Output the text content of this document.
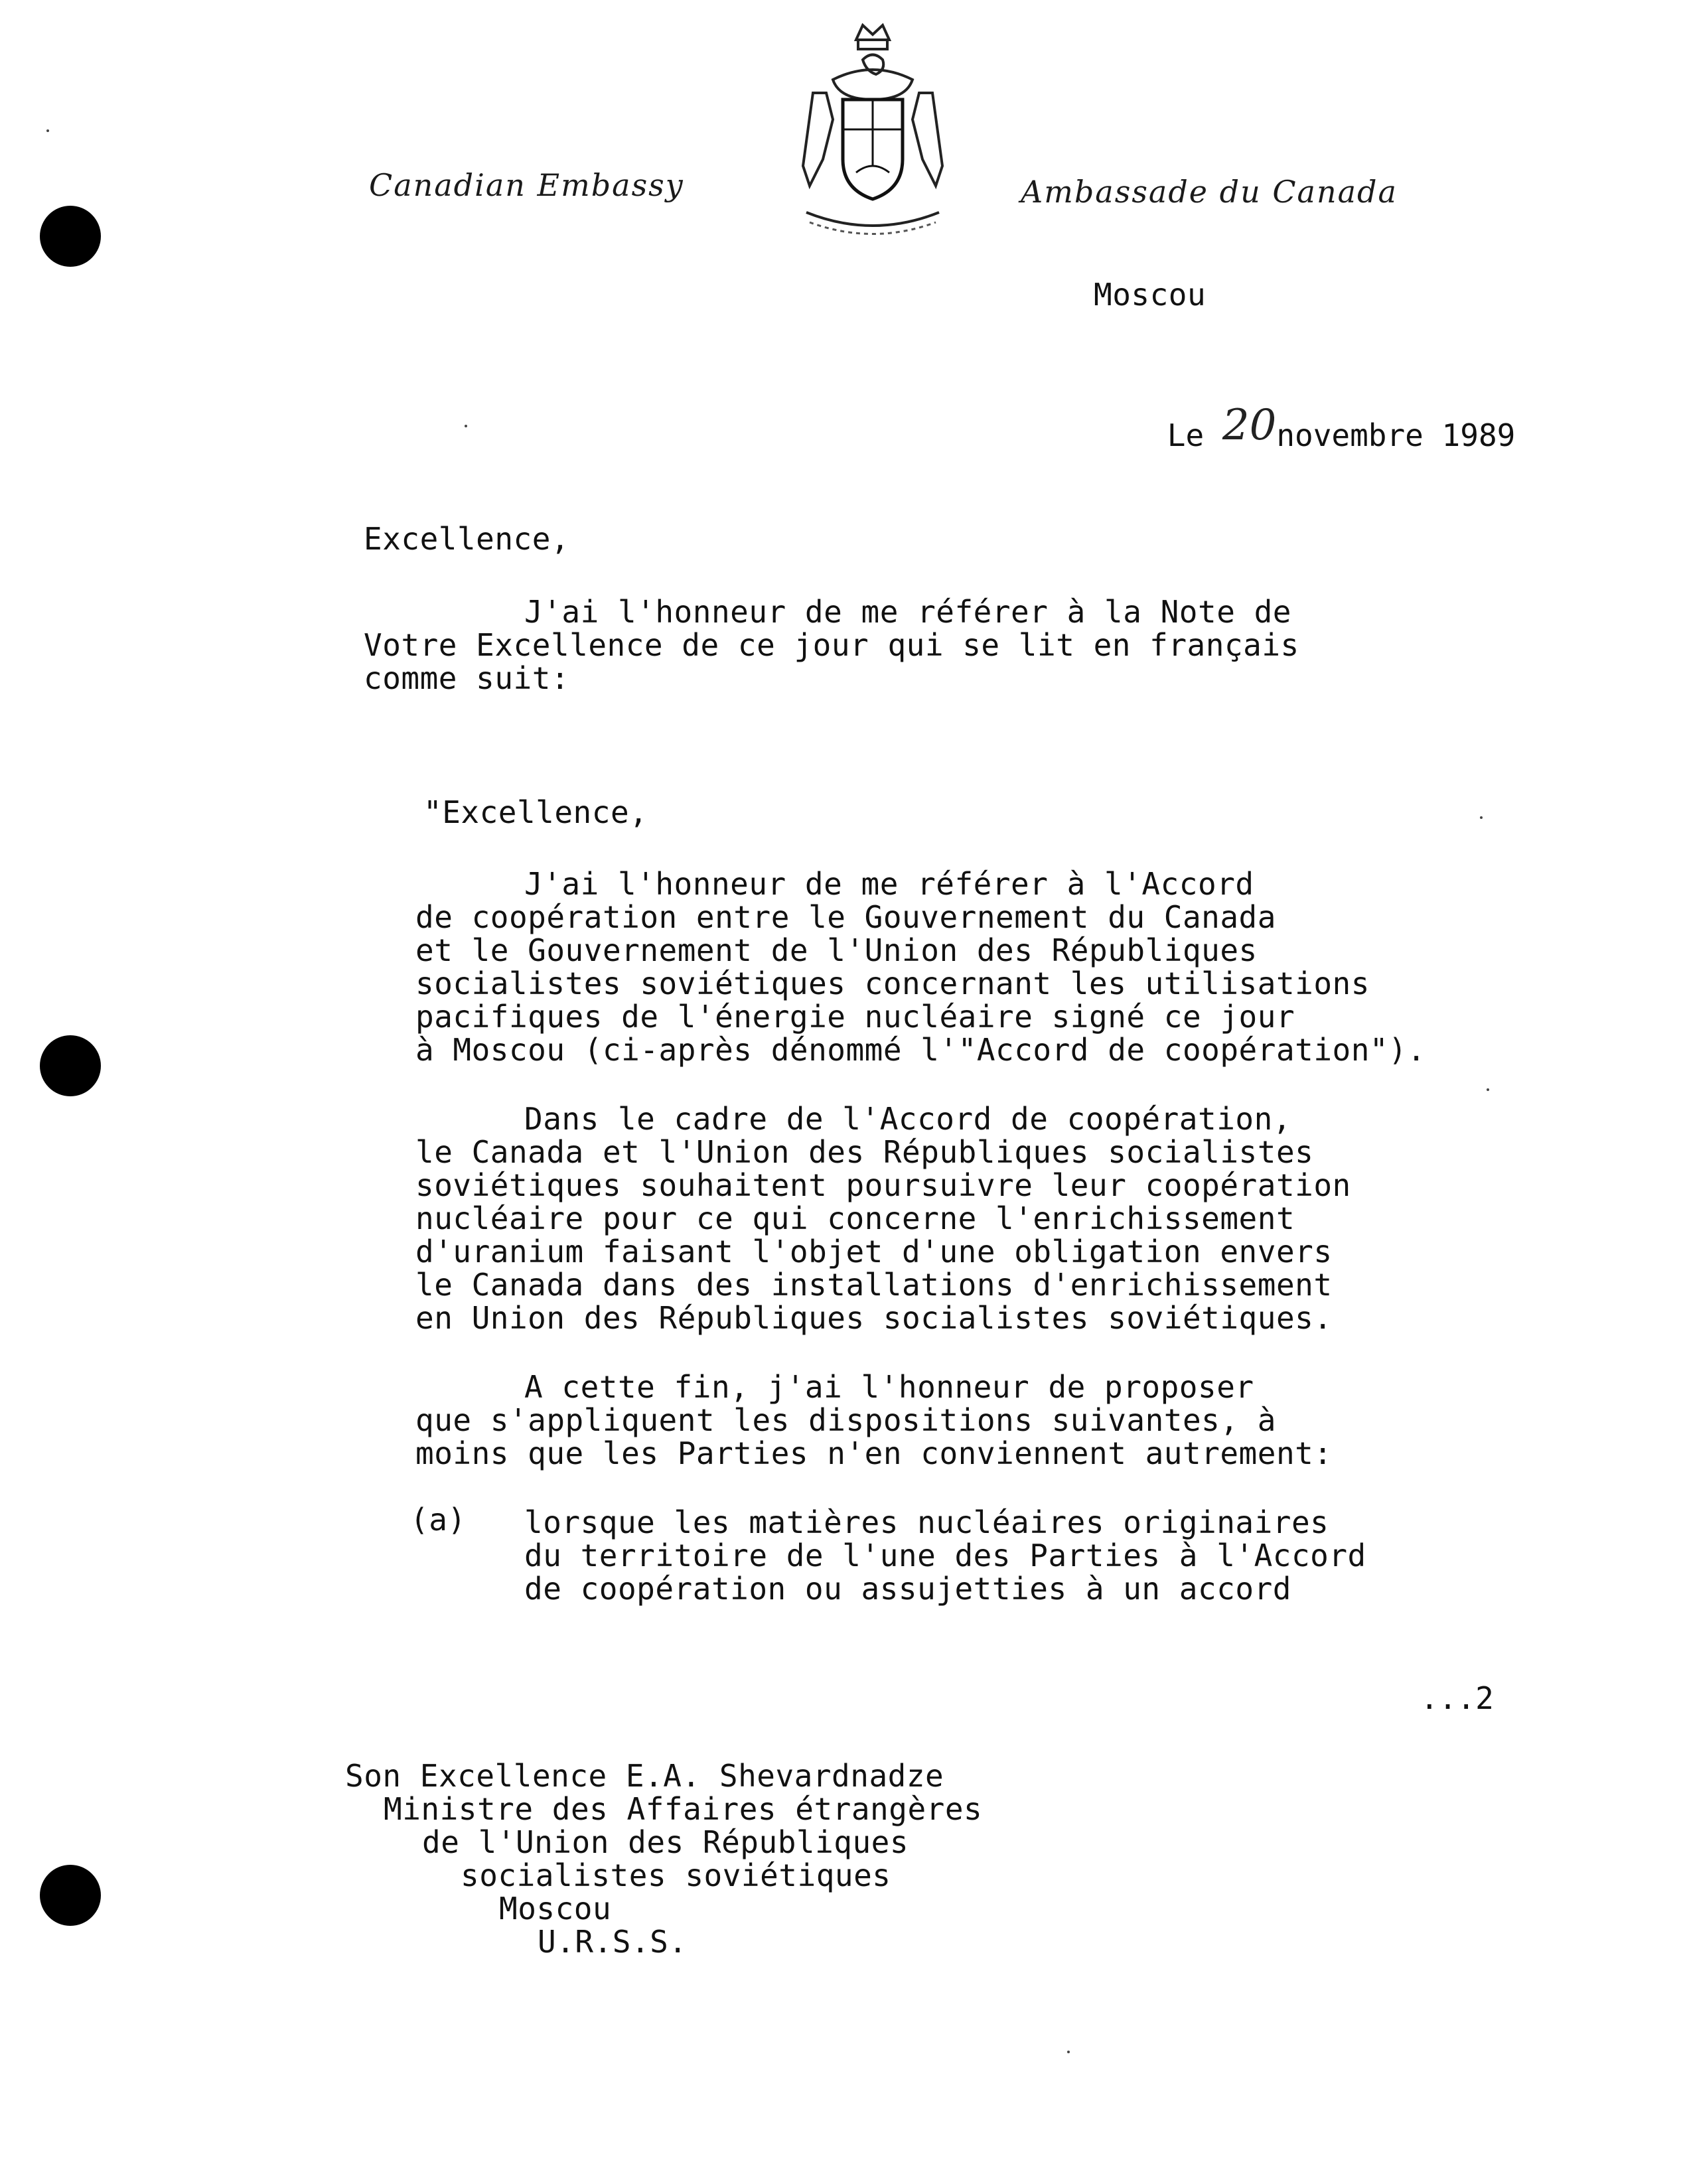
Canadian Embassy	Ambassade du Canada
Moscou

Le 20novembre 1989

Excellence,
J'ai l'honneur de me référer à la Note de
Votre Excellence de ce jour qui se lit en français
comme suit:
"Excellence,
J'ai l'honneur de me référer à l'Accord
de coopération entre le Gouvernement du Canada
et le Gouvernement de l'Union des Républiques
socialistes soviétiques concernant les utilisations
pacifiques de l'énergie nucléaire signé ce jour
à Moscou (ci-après dénommé l'"Accord de coopération").
Dans le cadre de l'Accord de coopération,
le Canada et l'Union des Républiques socialistes
soviétiques souhaitent poursuivre leur coopération
nucléaire pour ce qui concerne l'enrichissement
d'uranium faisant l'objet d'une obligation envers
le Canada dans des installations d'enrichissement
en Union des Républiques socialistes soviétiques.
A cette fin, j'ai l'honneur de proposer
que s'appliquent les dispositions suivantes, à
moins que les Parties n'en conviennent autrement:
(a) lorsque les matières nucléaires originaires
du territoire de l'une des Parties à l'Accord
de coopération ou assujetties à un accord
...2
Son Excellence E.A. Shevardnadze
Ministre des Affaires étrangères
de l'Union des Républiques
socialistes soviétiques
Moscou
U.R.S.S.
